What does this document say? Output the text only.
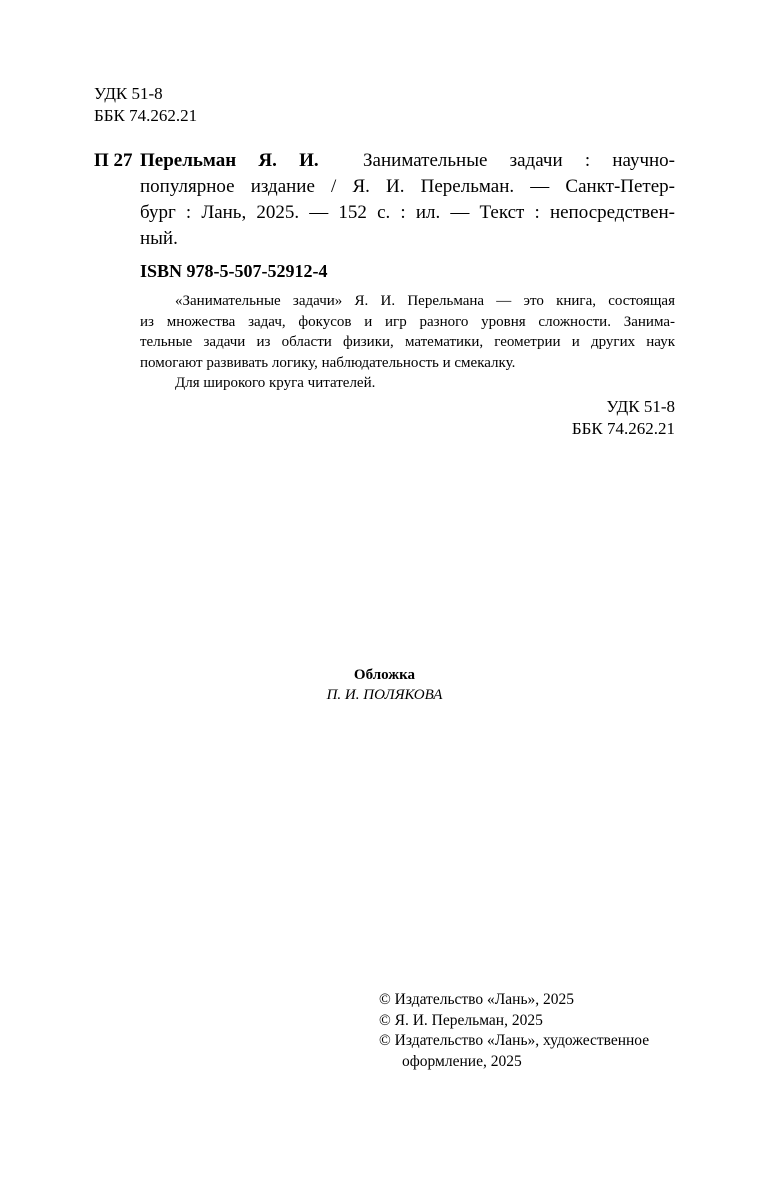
УДК 51-8
ББК 74.262.21
П 27 Перельман Я. И. Занимательные задачи : научно-
популярное издание / Я. И. Перельман. — Санкт-Петер-
бург : Лань, 2025. — 152 с. : ил. — Текст : непосредствен-
ный.
ISBN 978-5-507-52912-4
«Занимательные задачи» Я. И. Перельмана — это книга, состоящая
из множества задач, фокусов и игр разного уровня сложности. Занима-
тельные задачи из области физики, математики, геометрии и других наук
помогают развивать логику, наблюдательность и смекалку.
Для широкого круга читателей.
УДК 51-8
ББК 74.262.21
Обложка
П. И. ПОЛЯКОВА
© Издательство «Лань», 2025
© Я. И. Перельман, 2025
© Издательство «Лань», художественное
оформление, 2025
